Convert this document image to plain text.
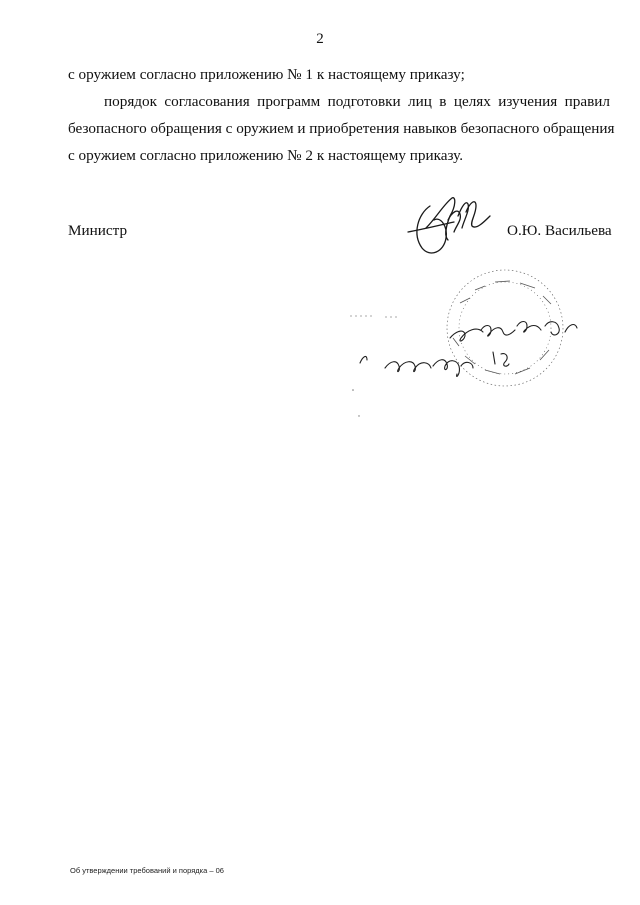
2
с оружием согласно приложению № 1 к настоящему приказу;
порядок согласования программ подготовки лиц в целях изучения правил
безопасного обращения с оружием и приобретения навыков безопасного обращения
с оружием согласно приложению № 2 к настоящему приказу.
Министр	О.Ю. Васильева
Об утверждении требований и порядка – 06
